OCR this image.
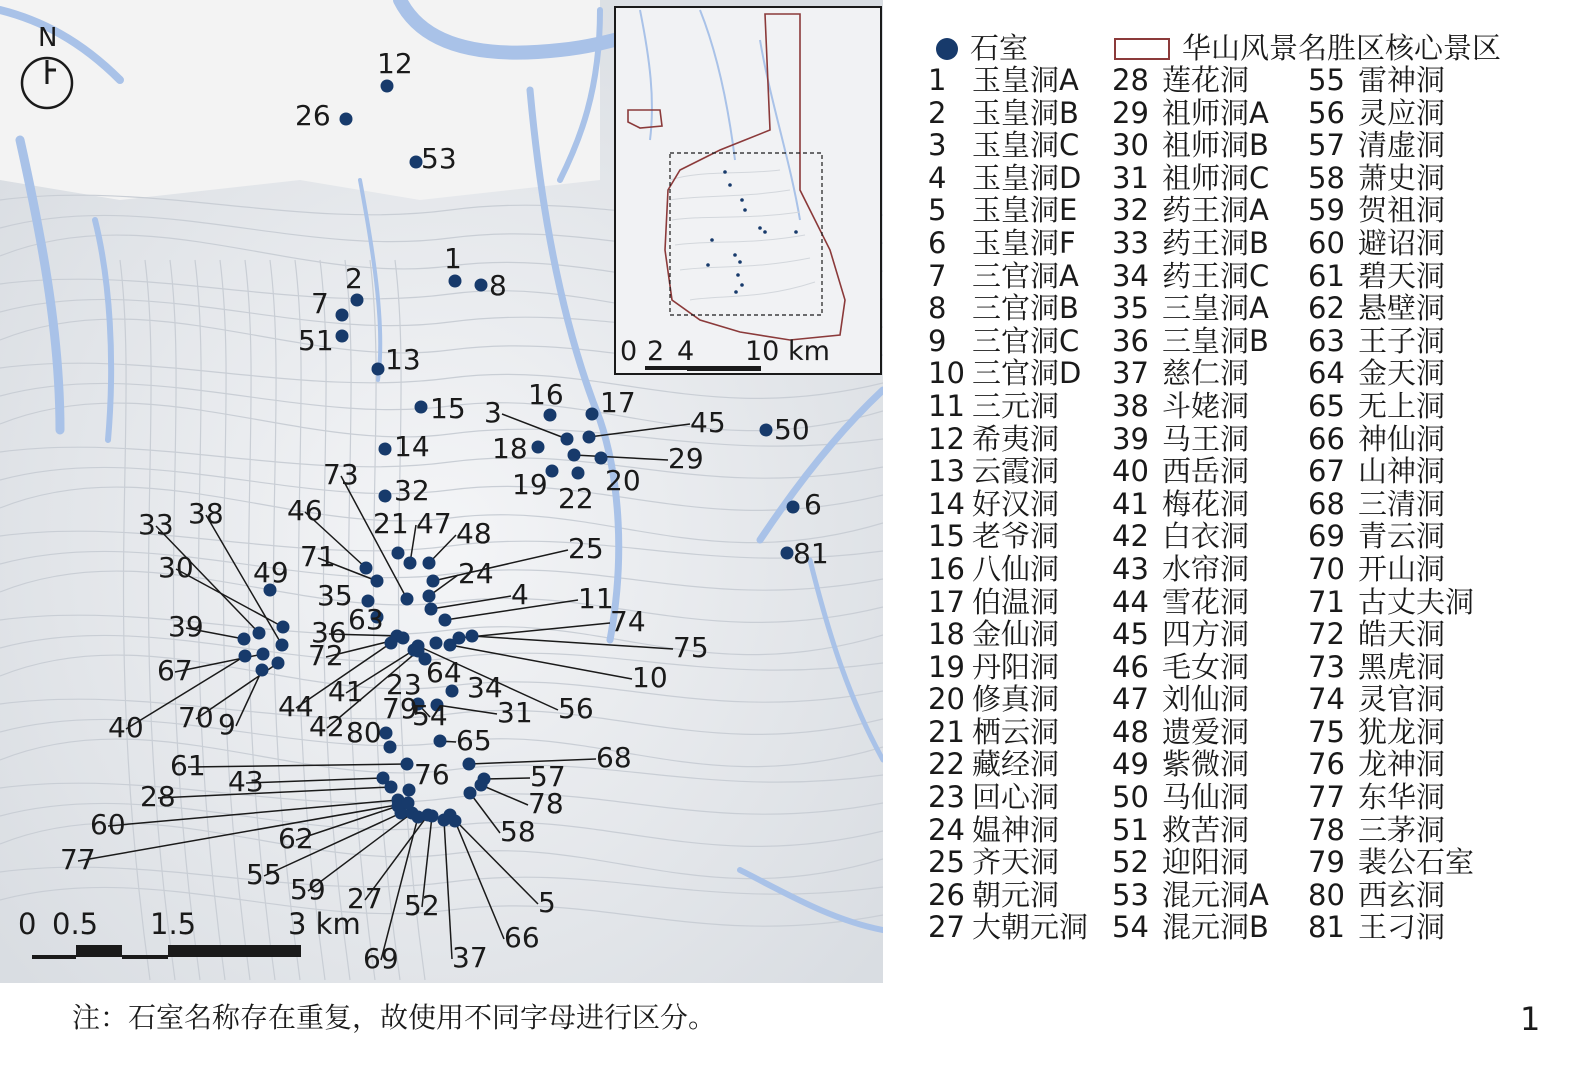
1
2
3
4
5
6
7
8
9
10
11
12
13
14
15 16 17
18
19 20
21
22
23
24
25
26
27
28
29
30
31
32
33
34
35
36
37
38
39
40
41
42
43
44
45
46	47 48
49
50
51
52
53
54
55
56
57
58
59
60
61
62
63
64
65
66
67
68
69
70
71
72
73
74
75
76
77
78
79
80
81
N
0 0.5 1.5	3 km
0 2 4 10 km
石室	华山风景名胜区核心景区
1 玉皇洞A
2 玉皇洞B
3 玉皇洞C
4 玉皇洞D
5 玉皇洞E
6 玉皇洞F
7 三官洞A
8 三官洞B
9 三官洞C
10 三官洞D
11 三元洞
12 希夷洞
13 云霞洞
14 好汉洞
15 老爷洞
16 八仙洞
17 伯温洞
18 金仙洞
19 丹阳洞
20 修真洞
21 栖云洞
22 藏经洞
23 回心洞
24 媪神洞
25 齐天洞
26 朝元洞
27 大朝元洞
28 莲花洞
29 祖师洞A
30 祖师洞B
31 祖师洞C
32 药王洞A
33 药王洞B
34 药王洞C
35 三皇洞A
36 三皇洞B
37 慈仁洞
38 斗姥洞
39 马王洞
40 西岳洞
41 梅花洞
42 白衣洞
43 水帘洞
44 雪花洞
45 四方洞
46 毛女洞
47 刘仙洞
48 遗爱洞
49 紫微洞
50 马仙洞
51 救苦洞
52 迎阳洞
53 混元洞A
54 混元洞B
55 雷神洞
56 灵应洞
57 清虚洞
58 萧史洞
59 贺祖洞
60 避诏洞
61 碧天洞
62 悬壁洞
63 王子洞
64 金天洞
65 无上洞
66 神仙洞
67 山神洞
68 三清洞
69 青云洞
70 开山洞
71 古丈夫洞
72 皓天洞
73 黑虎洞
74 灵官洞
75 犹龙洞
76 龙神洞
77 东华洞
78 三茅洞
79 裴公石室
80 西玄洞
81 王刁洞
注：石室名称存在重复，故使用不同字母进行区分。	1
